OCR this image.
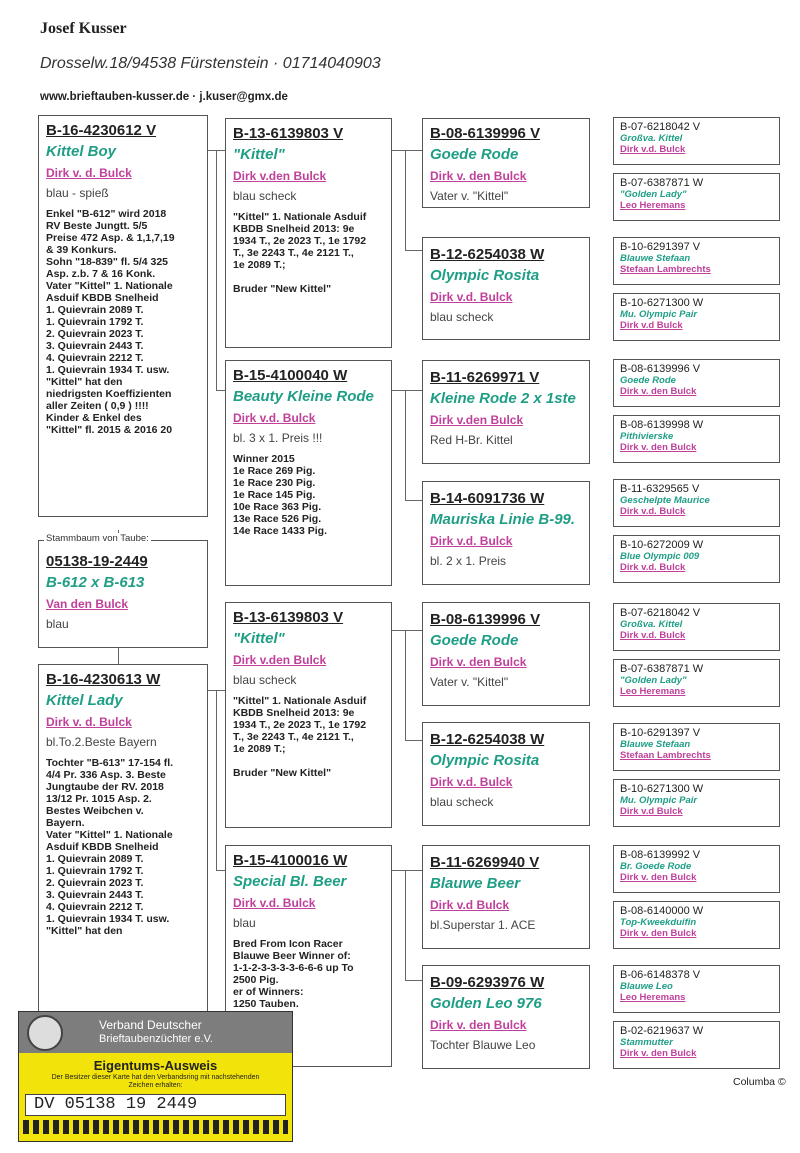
Josef Kusser
Drosselw.18/94538 Fürstenstein · 01714040903
www.brieftauben-kusser.de · j.kuser@gmx.de
B-16-4230612 V
Kittel Boy
Dirk v. d. Bulck
blau - spieß
Enkel "B-612" wird 2018
RV Beste Jungtt. 5/5
Preise 472 Asp. & 1,1,7,19
& 39 Konkurs.
Sohn "18-839" fl. 5/4 325
Asp. z.b. 7 & 16 Konk.
Vater "Kittel" 1. Nationale
Asduif KBDB Snelheid
1. Quievrain 2089 T.
1. Quievrain 1792 T.
2. Quievrain 2023 T.
3. Quievrain 2443 T.
4. Quievrain 2212 T.
1. Quievrain 1934 T. usw.
"Kittel" hat den
niedrigsten Koeffizienten
aller Zeiten ( 0,9 ) !!!!
Kinder & Enkel des
"Kittel" fl. 2015 & 2016 20
05138-19-2449
B-612 x B-613
Van den Bulck
blau
Stammbaum von Taube:
B-16-4230613 W
Kittel Lady
Dirk v. d. Bulck
bl.To.2.Beste Bayern
Tochter "B-613" 17-154 fl.
4/4 Pr. 336 Asp. 3. Beste
Jungtaube der RV. 2018
13/12 Pr. 1015 Asp. 2.
Bestes Weibchen v.
Bayern.
Vater "Kittel" 1. Nationale
Asduif KBDB Snelheid
1. Quievrain 2089 T.
1. Quievrain 1792 T.
2. Quievrain 2023 T.
3. Quievrain 2443 T.
4. Quievrain 2212 T.
1. Quievrain 1934 T. usw.
"Kittel" hat den
B-13-6139803 V
"Kittel"
Dirk v.den Bulck
blau scheck
"Kittel" 1. Nationale Asduif
KBDB Snelheid 2013: 9e
1934 T., 2e 2023 T., 1e 1792
T., 3e 2243 T., 4e 2121 T.,
1e 2089 T.;

Bruder "New Kittel"
B-15-4100040 W
Beauty Kleine Rode
Dirk v.d. Bulck
bl. 3 x 1. Preis !!!
Winner 2015
1e Race 269 Pig.
1e Race 230 Pig.
1e Race 145 Pig.
10e Race 363 Pig.
13e Race 526 Pig.
14e Race 1433 Pig.
B-13-6139803 V
"Kittel"
Dirk v.den Bulck
blau scheck
"Kittel" 1. Nationale Asduif
KBDB Snelheid 2013: 9e
1934 T., 2e 2023 T., 1e 1792
T., 3e 2243 T., 4e 2121 T.,
1e 2089 T.;

Bruder "New Kittel"
B-15-4100016 W
Special Bl. Beer
Dirk v.d. Bulck
blau
Bred From Icon Racer
Blauwe Beer Winner of:
1-1-2-3-3-3-3-6-6-6 up To
2500 Pig.
er of Winners:
1250 Tauben.

B-08-6139996 V
Goede Rode
Dirk v. den Bulck
Vater v. "Kittel"
B-12-6254038 W
Olympic Rosita
Dirk v.d. Bulck
blau scheck
B-11-6269971 V
Kleine Rode 2 x 1ste
Dirk v.den Bulck
Red H-Br. Kittel
B-14-6091736 W
Mauriska Linie B-99.
Dirk v.d. Bulck
bl. 2 x 1. Preis
B-08-6139996 V
Goede Rode
Dirk v. den Bulck
Vater v. "Kittel"
B-12-6254038 W
Olympic Rosita
Dirk v.d. Bulck
blau scheck
B-11-6269940 V
Blauwe Beer
Dirk v.d Bulck
bl.Superstar 1. ACE
B-09-6293976 W
Golden Leo 976
Dirk v. den Bulck
Tochter Blauwe Leo
B-07-6218042 V
Großva. Kittel
Dirk v.d. Bulck
B-07-6387871 W
"Golden Lady"
Leo Heremans
B-10-6291397 V
Blauwe Stefaan
Stefaan Lambrechts
B-10-6271300 W
Mu. Olympic Pair
Dirk v.d Bulck
B-08-6139996 V
Goede Rode
Dirk v. den Bulck
B-08-6139998 W
Pithivierske
Dirk v. den Bulck
B-11-6329565 V
Geschelpte Maurice
Dirk v.d. Bulck
B-10-6272009 W
Blue Olympic 009
Dirk v.d. Bulck
B-07-6218042 V
Großva. Kittel
Dirk v.d. Bulck
B-07-6387871 W
"Golden Lady"
Leo Heremans
B-10-6291397 V
Blauwe Stefaan
Stefaan Lambrechts
B-10-6271300 W
Mu. Olympic Pair
Dirk v.d Bulck
B-08-6139992 V
Br. Goede Rode
Dirk v. den Bulck
B-08-6140000 W
Top-Kweekduifin
Dirk v. den Bulck
B-06-6148378 V
Blauwe Leo
Leo Heremans
B-02-6219637 W
Stammutter
Dirk v. den Bulck
Columba ©
Verband Deutscher
Brieftaubenzüchter e.V.
Eigentums-Ausweis
Der Besitzer dieser Karte hat den Verbandsring mit nachstehenden Zeichen erhalten:
DV 05138 19 2449
